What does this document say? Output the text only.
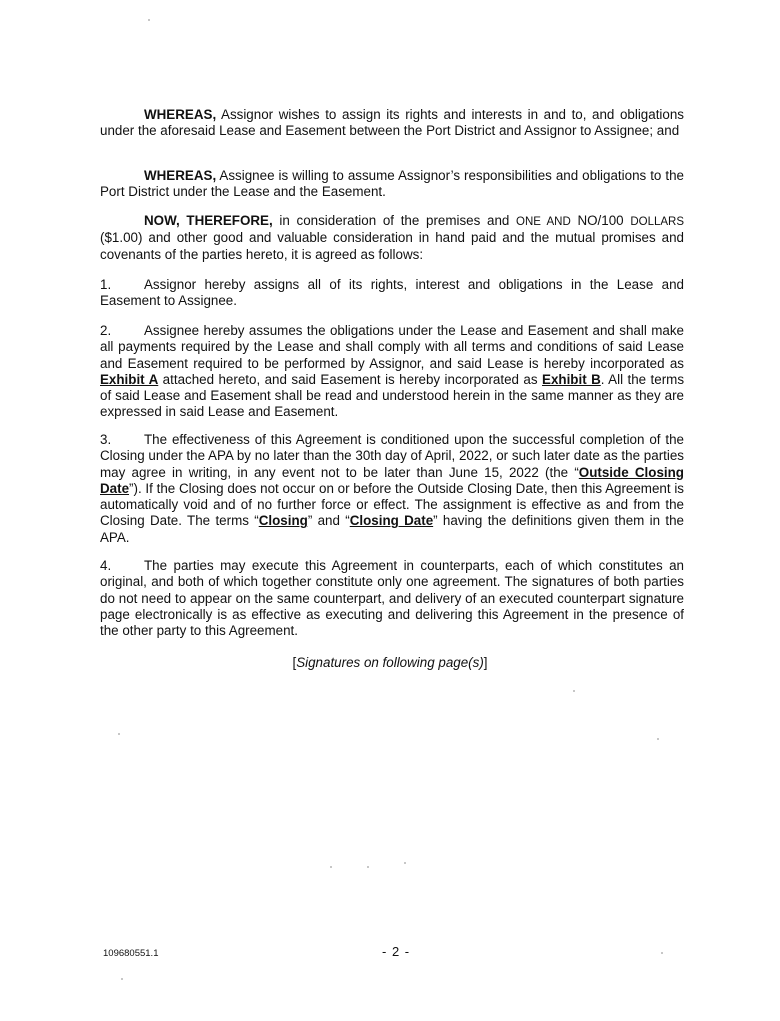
WHEREAS, Assignor wishes to assign its rights and interests in and to, and obligations under the aforesaid Lease and Easement between the Port District and Assignor to Assignee; and

WHEREAS, Assignee is willing to assume Assignor’s responsibilities and obligations to the Port District under the Lease and the Easement.

NOW, THEREFORE, in consideration of the premises and ONE AND NO/100 DOLLARS ($1.00) and other good and valuable consideration in hand paid and the mutual promises and covenants of the parties hereto, it is agreed as follows:

1. Assignor hereby assigns all of its rights, interest and obligations in the Lease and Easement to Assignee.

2. Assignee hereby assumes the obligations under the Lease and Easement and shall make all payments required by the Lease and shall comply with all terms and conditions of said Lease and Easement required to be performed by Assignor, and said Lease is hereby incorporated as Exhibit A attached hereto, and said Easement is hereby incorporated as Exhibit B. All the terms of said Lease and Easement shall be read and understood herein in the same manner as they are expressed in said Lease and Easement.

3. The effectiveness of this Agreement is conditioned upon the successful completion of the Closing under the APA by no later than the 30th day of April, 2022, or such later date as the parties may agree in writing, in any event not to be later than June 15, 2022 (the “Outside Closing Date”). If the Closing does not occur on or before the Outside Closing Date, then this Agreement is automatically void and of no further force or effect. The assignment is effective as and from the Closing Date. The terms “Closing” and “Closing Date” having the definitions given them in the APA.

4. The parties may execute this Agreement in counterparts, each of which constitutes an original, and both of which together constitute only one agreement. The signatures of both parties do not need to appear on the same counterpart, and delivery of an executed counterpart signature page electronically is as effective as executing and delivering this Agreement in the presence of the other party to this Agreement.

[Signatures on following page(s)]
109680551.1	- 2 -
